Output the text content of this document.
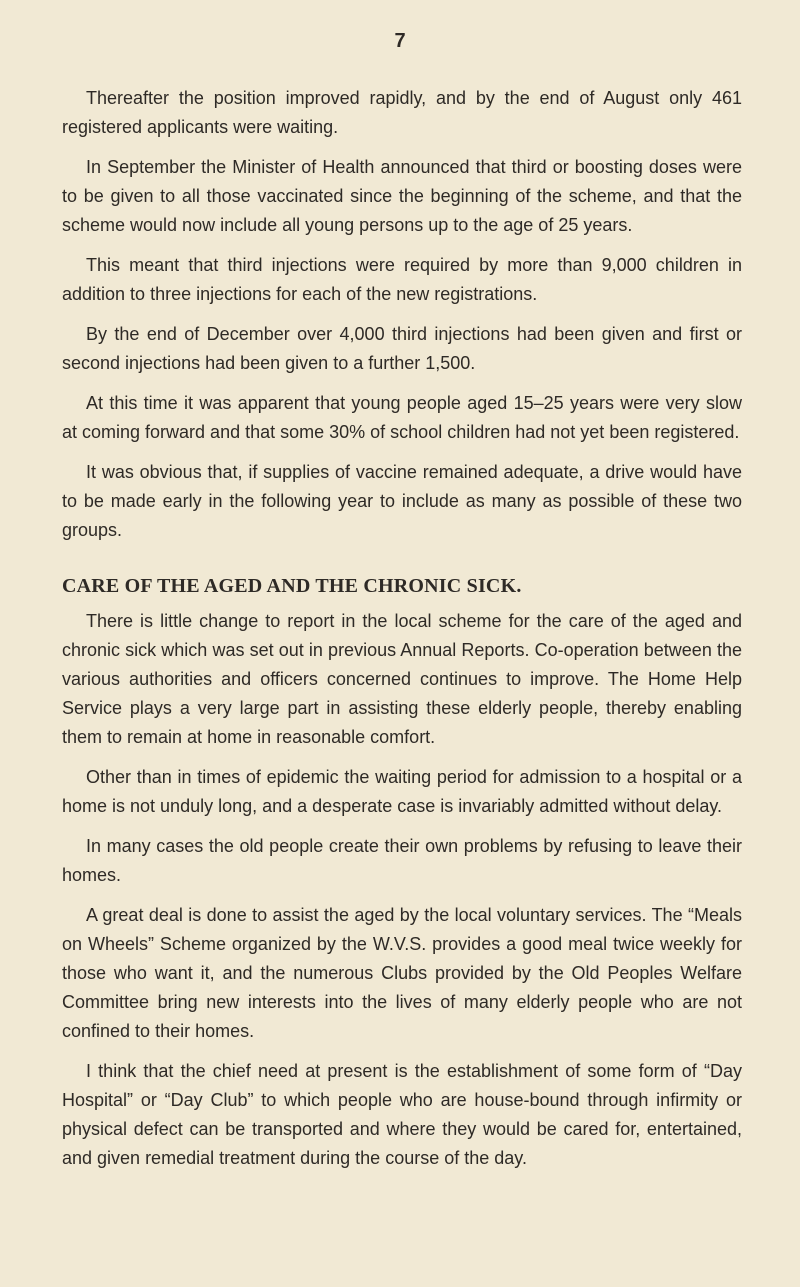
7

Thereafter the position improved rapidly, and by the end of August only 461 registered applicants were waiting.

In September the Minister of Health announced that third or boosting doses were to be given to all those vaccinated since the beginning of the scheme, and that the scheme would now include all young persons up to the age of 25 years.

This meant that third injections were required by more than 9,000 children in addition to three injections for each of the new registrations.

By the end of December over 4,000 third injections had been given and first or second injections had been given to a further 1,500.

At this time it was apparent that young people aged 15–25 years were very slow at coming forward and that some 30% of school children had not yet been registered.

It was obvious that, if supplies of vaccine remained adequate, a drive would have to be made early in the following year to include as many as possible of these two groups.

CARE OF THE AGED AND THE CHRONIC SICK.

There is little change to report in the local scheme for the care of the aged and chronic sick which was set out in previous Annual Reports. Co-operation between the various authorities and officers concerned continues to improve. The Home Help Service plays a very large part in assisting these elderly people, thereby enabling them to remain at home in reasonable comfort.

Other than in times of epidemic the waiting period for admission to a hospital or a home is not unduly long, and a desperate case is invariably admitted without delay.

In many cases the old people create their own problems by refusing to leave their homes.

A great deal is done to assist the aged by the local voluntary services. The “Meals on Wheels” Scheme organized by the W.V.S. provides a good meal twice weekly for those who want it, and the numerous Clubs provided by the Old Peoples Welfare Committee bring new interests into the lives of many elderly people who are not confined to their homes.

I think that the chief need at present is the establishment of some form of “Day Hospital” or “Day Club” to which people who are house-bound through infirmity or physical defect can be transported and where they would be cared for, entertained, and given remedial treatment during the course of the day.
